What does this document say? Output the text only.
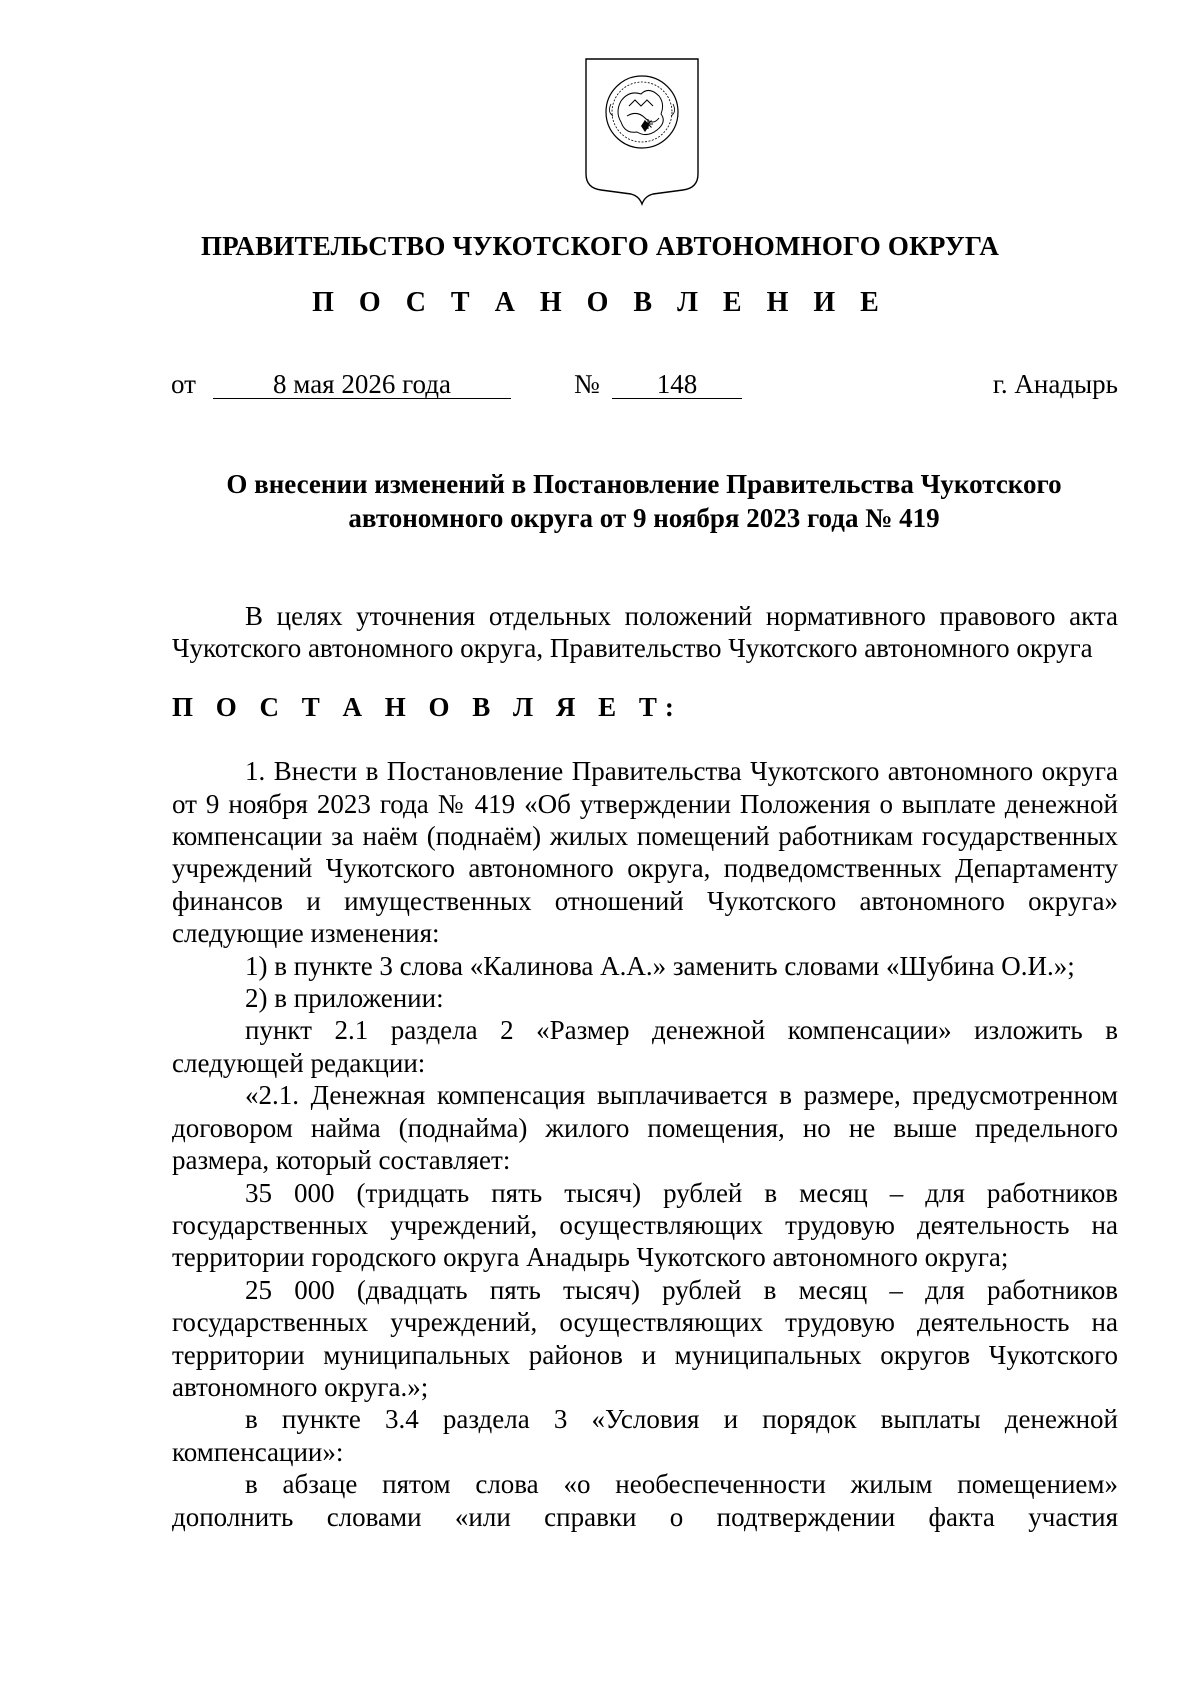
ПРАВИТЕЛЬСТВО ЧУКОТСКОГО АВТОНОМНОГО ОКРУГА
П О С Т А Н О В Л Е Н И Е
от	8 мая 2026 года	№	148	г. Анадырь
О внесении изменений в Постановление Правительства Чукотского автономного округа от 9 ноября 2023 года № 419

В целях уточнения отдельных положений нормативного правового акта Чукотского автономного округа, Правительство Чукотского автономного округа

П О С Т А Н О В Л Я Е Т:

1. Внести в Постановление Правительства Чукотского автономного округа от 9 ноября 2023 года № 419 «Об утверждении Положения о выплате денежной компенсации за наём (поднаём) жилых помещений работникам государственных учреждений Чукотского автономного округа, подведомственных Департаменту финансов и имущественных отношений Чукотского автономного округа» следующие изменения:

1) в пункте 3 слова «Калинова А.А.» заменить словами «Шубина О.И.»;

2) в приложении:

пункт 2.1 раздела 2 «Размер денежной компенсации» изложить в следующей редакции:

«2.1. Денежная компенсация выплачивается в размере, предусмотренном договором найма (поднайма) жилого помещения, но не выше предельного размера, который составляет:

35 000 (тридцать пять тысяч) рублей в месяц – для работников государственных учреждений, осуществляющих трудовую деятельность на территории городского округа Анадырь Чукотского автономного округа;

25 000 (двадцать пять тысяч) рублей в месяц – для работников государственных учреждений, осуществляющих трудовую деятельность на территории муниципальных районов и муниципальных округов Чукотского автономного округа.»;

в пункте 3.4 раздела 3 «Условия и порядок выплаты денежной компенсации»:

в абзаце пятом слова «о необеспеченности жилым помещением» дополнить словами «или справки о подтверждении факта участия
